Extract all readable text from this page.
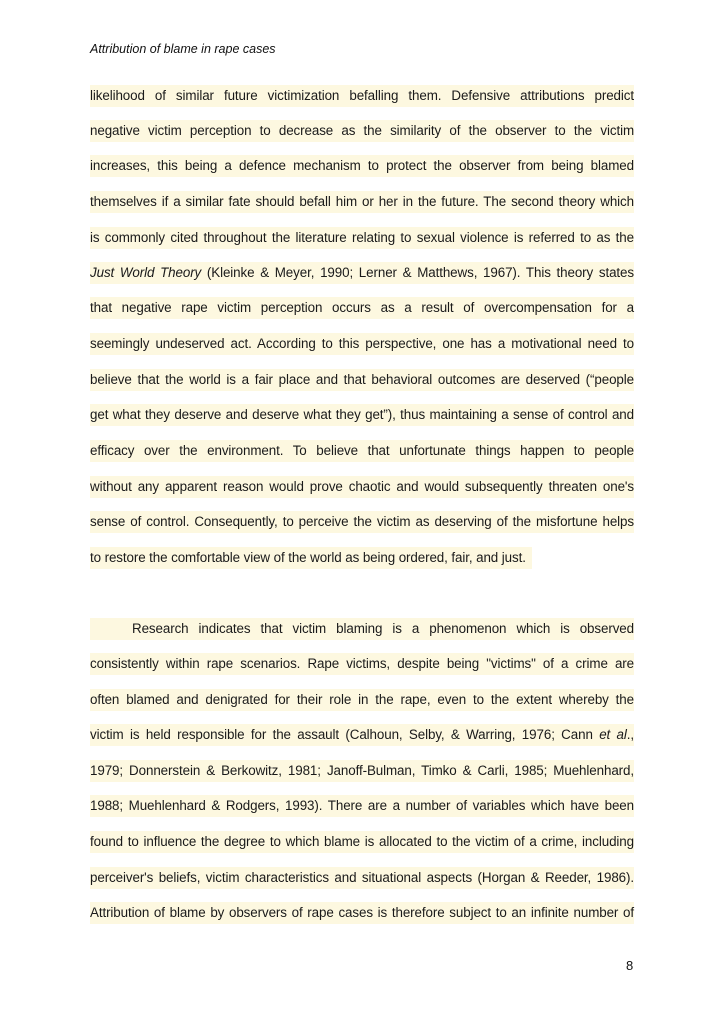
Attribution of blame in rape cases
likelihood of similar future victimization befalling them. Defensive attributions predict
negative victim perception to decrease as the similarity of the observer to the victim
increases, this being a defence mechanism to protect the observer from being blamed
themselves if a similar fate should befall him or her in the future. The second theory which
is commonly cited throughout the literature relating to sexual violence is referred to as the
Just World Theory (Kleinke & Meyer, 1990; Lerner & Matthews, 1967). This theory states
that negative rape victim perception occurs as a result of overcompensation for a
seemingly undeserved act. According to this perspective, one has a motivational need to
believe that the world is a fair place and that behavioral outcomes are deserved (“people
get what they deserve and deserve what they get”), thus maintaining a sense of control and
efficacy over the environment. To believe that unfortunate things happen to people
without any apparent reason would prove chaotic and would subsequently threaten one's
sense of control. Consequently, to perceive the victim as deserving of the misfortune helps
to restore the comfortable view of the world as being ordered, fair, and just.
Research indicates that victim blaming is a phenomenon which is observed
consistently within rape scenarios. Rape victims, despite being "victims" of a crime are
often blamed and denigrated for their role in the rape, even to the extent whereby the
victim is held responsible for the assault (Calhoun, Selby, & Warring, 1976; Cann et al.,
1979; Donnerstein & Berkowitz, 1981; Janoff-Bulman, Timko & Carli, 1985; Muehlenhard,
1988; Muehlenhard & Rodgers, 1993). There are a number of variables which have been
found to influence the degree to which blame is allocated to the victim of a crime, including
perceiver's beliefs, victim characteristics and situational aspects (Horgan & Reeder, 1986).
Attribution of blame by observers of rape cases is therefore subject to an infinite number of
8
